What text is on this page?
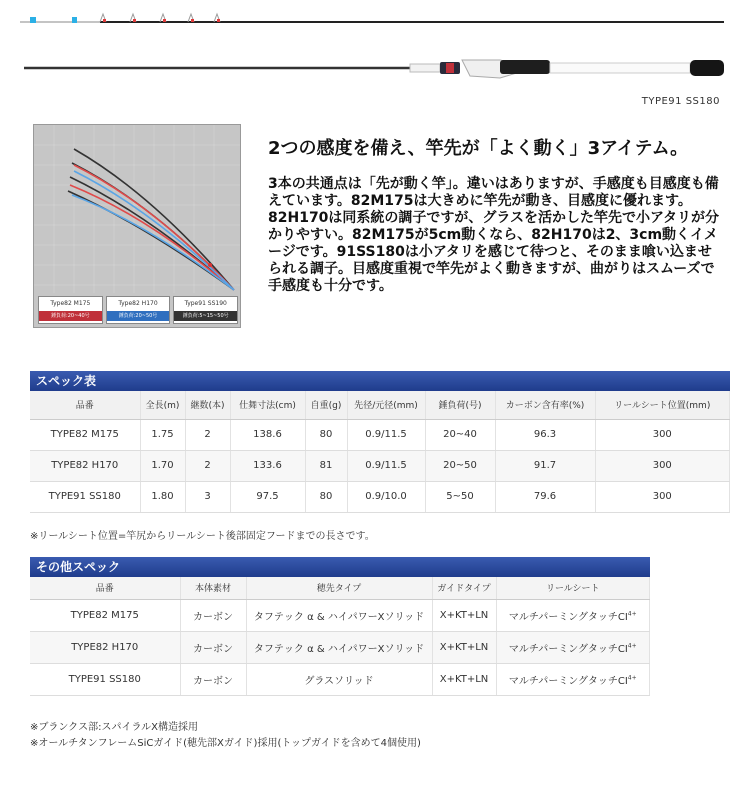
TYPE91 SS180
Type82 M175
錘負荷:20~40号
Type82 H170
錘負荷:20~50号
Type91 SS190
錘負荷:5~15~50号
2つの感度を備え、竿先が「よく動く」3アイテム。
3本の共通点は「先が動く竿」。違いはありますが、手感度も目感度も備えています。82M175は大きめに竿先が動き、目感度に優れます。82H170は同系統の調子ですが、グラスを活かした竿先で小アタリが分かりやすい。82M175が5cm動くなら、82H170は2、3cm動くイメージです。91SS180は小アタリを感じて待つと、そのまま喰い込ませられる調子。目感度重視で竿先がよく動きますが、曲がりはスムーズで手感度も十分です。
スペック表
品番	全長(m)	継数(本)	仕舞寸法(cm)	自重(g)	先径/元径(mm)	錘負荷(号)	カーボン含有率(%)	リールシート位置(mm)
TYPE82 M175	1.75	2	138.6	80	0.9/11.5	20~40	96.3	300
TYPE82 H170	1.70	2	133.6	81	0.9/11.5	20~50	91.7	300
TYPE91 SS180	1.80	3	97.5	80	0.9/10.0	5~50	79.6	300
※リールシート位置=竿尻からリールシート後部固定フードまでの長さです。
その他スペック
品番	本体素材	穂先タイプ	ガイドタイプ	リールシート
TYPE82 M175	カーボン	タフテック α & ハイパワーXソリッド	X+KT+LN	マルチパーミングタッチ$CI^{4+}$
TYPE82 H170	カーボン	タフテック α & ハイパワーXソリッド	X+KT+LN	マルチパーミングタッチ$CI^{4+}$
TYPE91 SS180	カーボン	グラスソリッド	X+KT+LN	マルチパーミングタッチ$CI^{4+}$
※ブランクス部:スパイラルX構造採用
※オールチタンフレームSiCガイド(穂先部Xガイド)採用(トップガイドを含めて4個使用)
